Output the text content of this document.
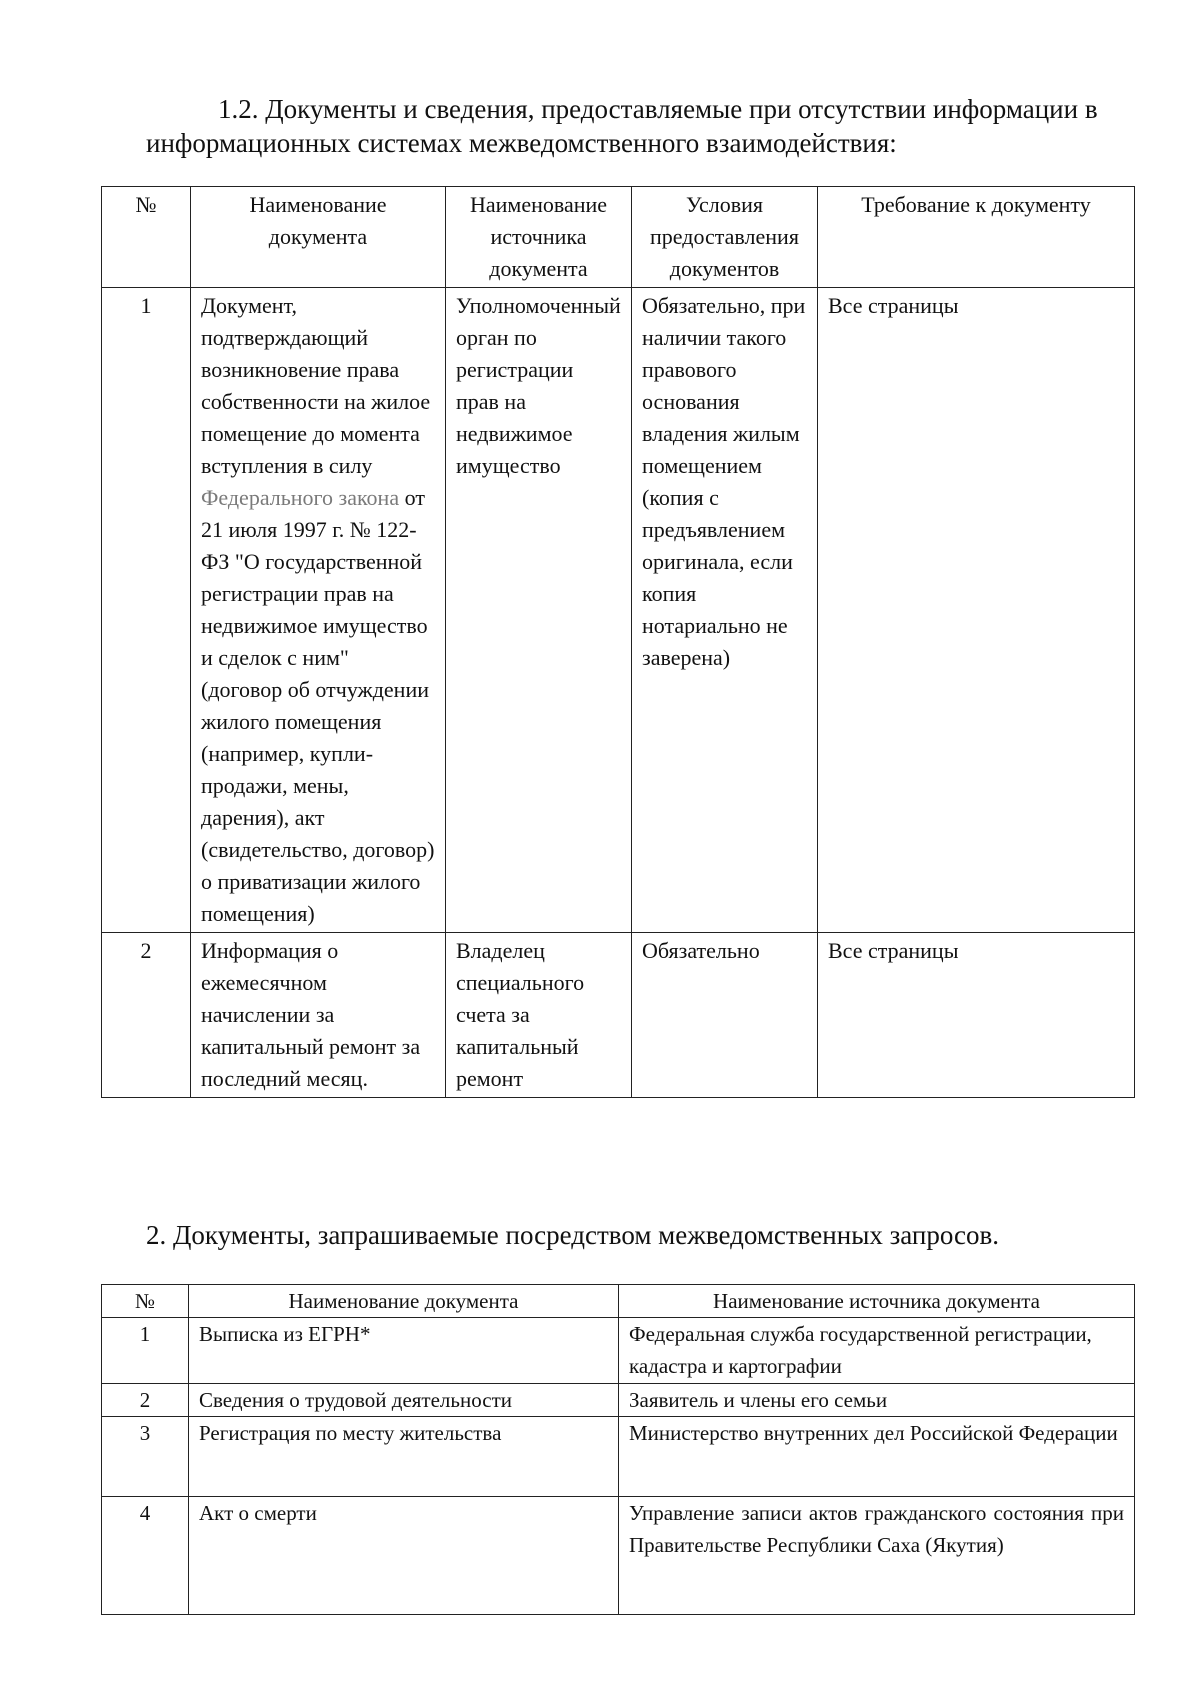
1.2. Документы и сведения, предоставляемые при отсутствии информации в
информационных системах межведомственного взаимодействия:
№	Наименование документа	Наименование источника документа	Условия предоставления документов	Требование к документу
1	Документ, подтверждающий возникновение права собственности на жилое помещение до момента вступления в силу Федерального закона от 21 июля 1997 г. № 122-ФЗ "О государственной регистрации прав на недвижимое имущество и сделок с ним" (договор об отчуждении жилого помещения (например, купли-продажи, мены, дарения), акт (свидетельство, договор) о приватизации жилого помещения)	Уполномоченный орган по регистрации прав на недвижимое имущество	Обязательно, при наличии такого правового основания владения жилым помещением (копия с предъявлением оригинала, если копия нотариально не заверена)	Все страницы
2	Информация о ежемесячном начислении за капитальный ремонт за последний месяц.	Владелец специального счета за капитальный ремонт	Обязательно	Все страницы
2. Документы, запрашиваемые посредством межведомственных запросов.
№	Наименование документа	Наименование источника документа
1	Выписка из ЕГРН*	Федеральная служба государственной регистрации, кадастра и картографии
2	Сведения о трудовой деятельности	Заявитель и члены его семьи
3	Регистрация по месту жительства	Министерство внутренних дел Российской Федерации
4	Акт о смерти	Управление записи актов гражданского состояния при Правительстве Республики Саха (Якутия)
